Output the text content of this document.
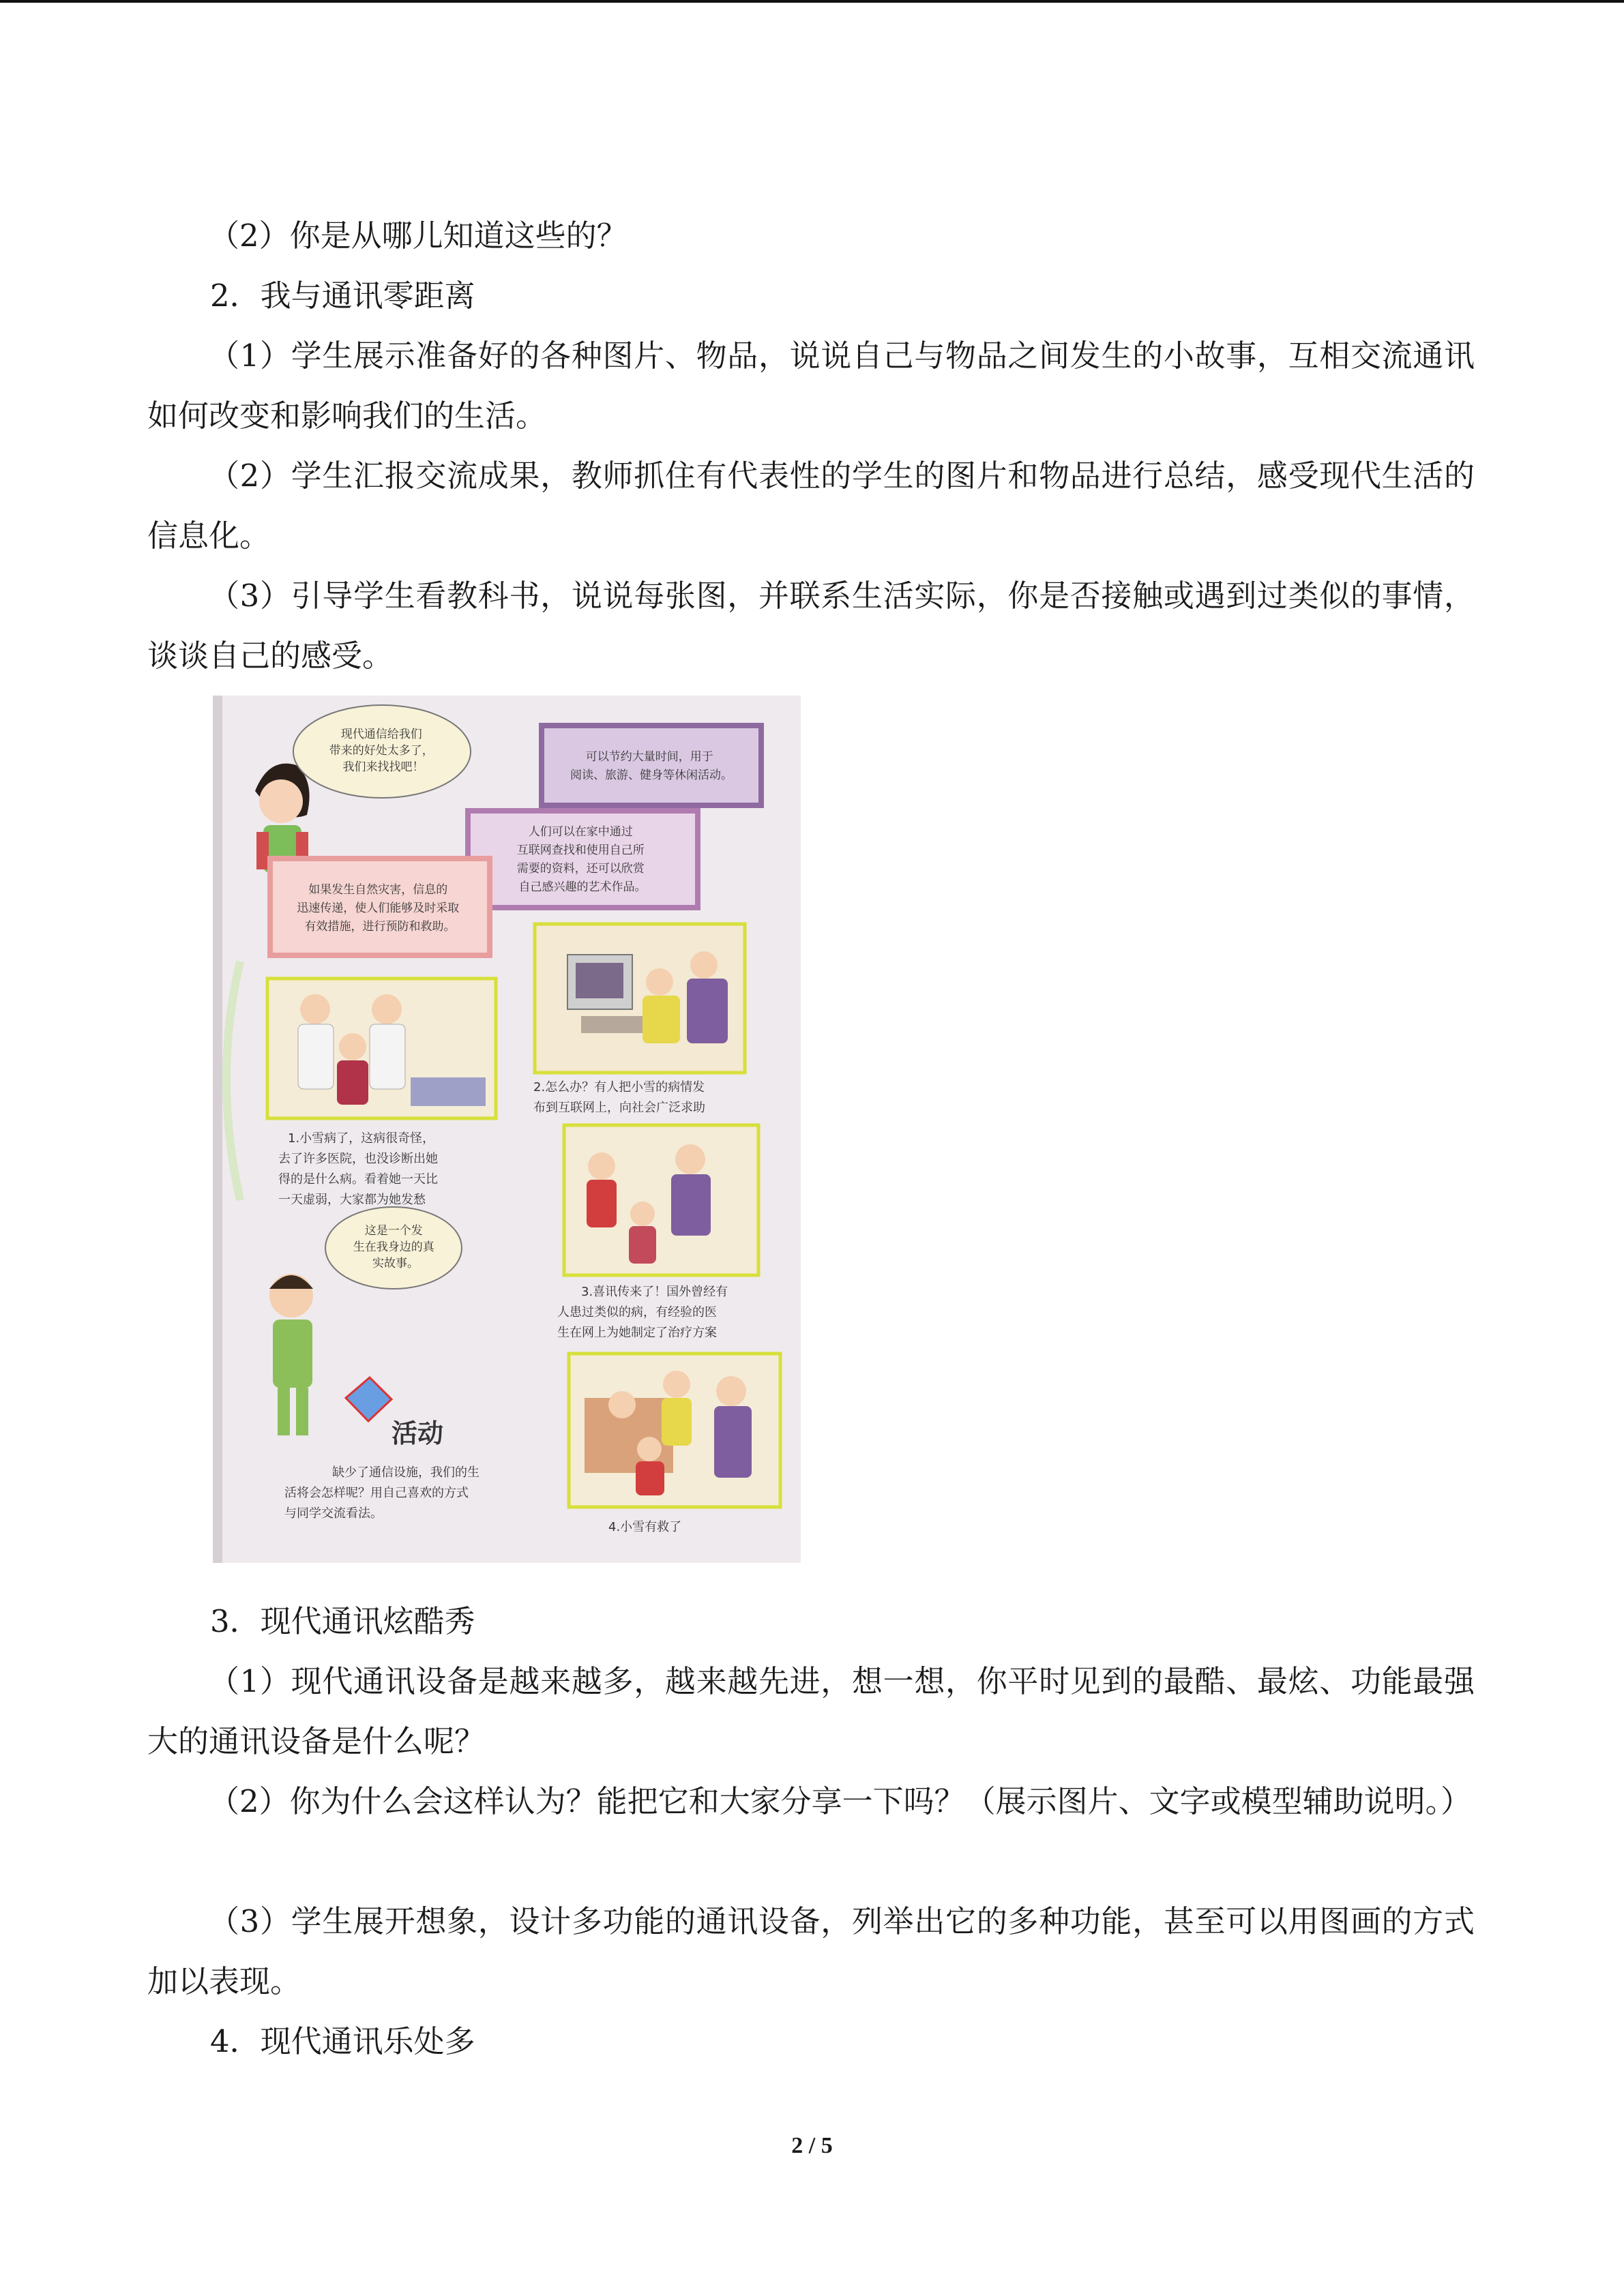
（2）你是从哪儿知道这些的？

2．我与通讯零距离

（1）学生展示准备好的各种图片、物品，说说自己与物品之间发生的小故事，互相交流通讯如何改变和影响我们的生活。

（2）学生汇报交流成果，教师抓住有代表性的学生的图片和物品进行总结，感受现代生活的信息化。

（3）引导学生看教科书，说说每张图，并联系生活实际，你是否接触或遇到过类似的事情，谈谈自己的感受。

现代通信给我们 带来的好处太多了， 我们来找找吧！
可以节约大量时间，用于 阅读、旅游、健身等休闲活动。
人们可以在家中通过 互联网查找和使用自己所 需要的资料，还可以欣赏 自己感兴趣的艺术作品。
如果发生自然灾害，信息的 迅速传递，使人们能够及时采取 有效措施，进行预防和救助。
1.小雪病了，这病很奇怪， 去了许多医院，也没诊断出她 得的是什么病。看着她一天比 一天虚弱，大家都为她发愁
2.怎么办？有人把小雪的病情发 布到互联网上，向社会广泛求助
3.喜讯传来了！国外曾经有 人患过类似的病，有经验的医 生在网上为她制定了治疗方案
这是一个发 生在我身边的真 实故事。
活动
缺少了通信设施，我们的生 活将会怎样呢？用自己喜欢的方式 与同学交流看法。
4.小雪有救了

3．现代通讯炫酷秀

（1）现代通讯设备是越来越多，越来越先进，想一想，你平时见到的最酷、最炫、功能最强大的通讯设备是什么呢？

（2）你为什么会这样认为？能把它和大家分享一下吗？（展示图片、文字或模型辅助说明。）

（3）学生展开想象，设计多功能的通讯设备，列举出它的多种功能，甚至可以用图画的方式加以表现。

4．现代通讯乐处多

2 / 5
